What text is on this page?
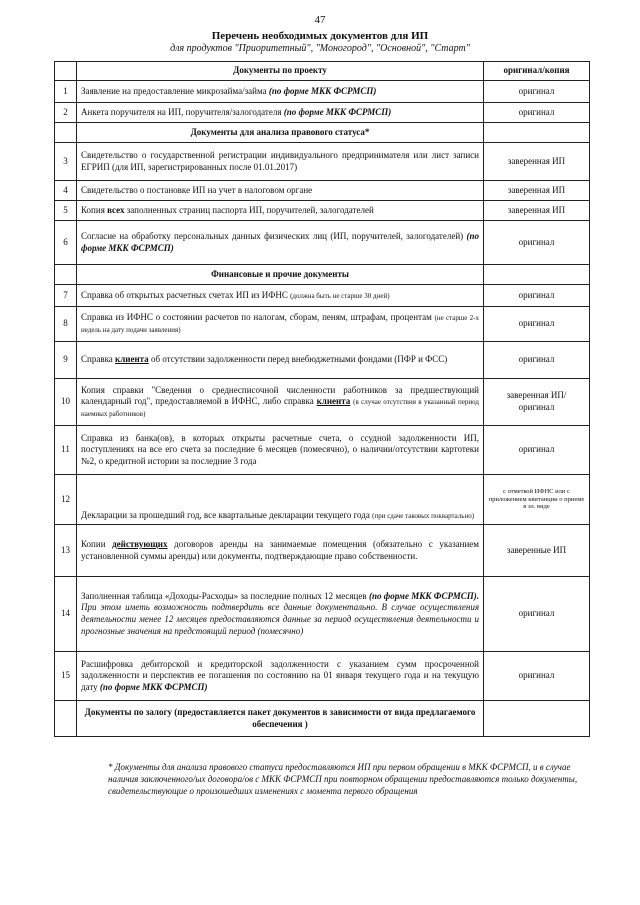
47
Перечень необходимых документов для ИП
для продуктов "Приоритетный", "Моногород", "Основной", "Старт"
	Документы по проекту	оригинал/копия
1	Заявление на предоставление микрозайма/займа (по форме МКК ФСРМСП)	оригинал
2	Анкета поручителя на ИП, поручителя/залогодателя (по форме МКК ФСРМСП)	оригинал
	Документы для анализа правового статуса*	
3	Свидетельство о государственной регистрации индивидуального предпринимателя или лист записи ЕГРИП (для ИП, зарегистрированных после 01.01.2017)	заверенная ИП
4	Свидетельство о постановке ИП на учет в налоговом органе	заверенная ИП
5	Копия всех заполненных страниц паспорта ИП, поручителей, залогодателей	заверенная ИП
6	Согласие на обработку персональных данных физических лиц (ИП, поручителей, залогодателей) (по форме МКК ФСРМСП)	оригинал
	Финансовые и прочие документы	
7	Справка об открытых расчетных счетах ИП из ИФНС (должна быть не старше 30 дней)	оригинал
8	Справка из ИФНС о состоянии расчетов по налогам, сборам, пеням, штрафам, процентам (не старше 2-х недель на дату подачи заявления)	оригинал
9	Справка клиента об отсутствии задолженности перед внебюджетными фондами (ПФР и ФСС)	оригинал
10	Копия справки "Сведения о среднесписочной численности работников за предшествующий календарный год", предоставляемой в ИФНС, либо справка клиента (в случае отсутствия в указанный период наемных работников)	заверенная ИП/ оригинал
11	Справка из банка(ов), в которых открыты расчетные счета, о ссудной задолженности ИП, поступлениях на все его счета за последние 6 месяцев (помесячно), о наличии/отсутствии картотеки №2, о кредитной истории за последние 3 года	оригинал
12	Декларации за прошедший год, все квартальные декларации текущего года (при сдаче таковых поквартально)	с отметкой ИФНС или с приложением квитанции о приеме в эл. виде
13	Копии действующих договоров аренды на занимаемые помещения (обязательно с указанием установленной суммы аренды) или документы, подтверждающие право собственности.	заверенные ИП
14	Заполненная таблица «Доходы-Расходы» за последние полных 12 месяцев (по форме МКК ФСРМСП). При этом иметь возможность подтвердить все данные документально. В случае осуществления деятельности менее 12 месяцев предоставляются данные за период осуществления деятельности и прогнозные значения на предстоящий период (помесячно)	оригинал
15	Расшифровка дебиторской и кредиторской задолженности с указанием сумм просроченной задолженности и перспектив ее погашения по состоянию на 01 января текущего года и на текущую дату (по форме МКК ФСРМСП)	оригинал
	Документы по залогу (предоставляется пакет документов в зависимости от вида предлагаемого обеспечения )	
* Документы для анализа правового статуса предоставляются ИП при первом обращении в МКК ФСРМСП, и в случае наличия заключенного/ых договора/ов с МКК ФСРМСП при повторном обращении предоставляются только документы, свидетельствующие о произошедших изменениях с момента первого обращения
